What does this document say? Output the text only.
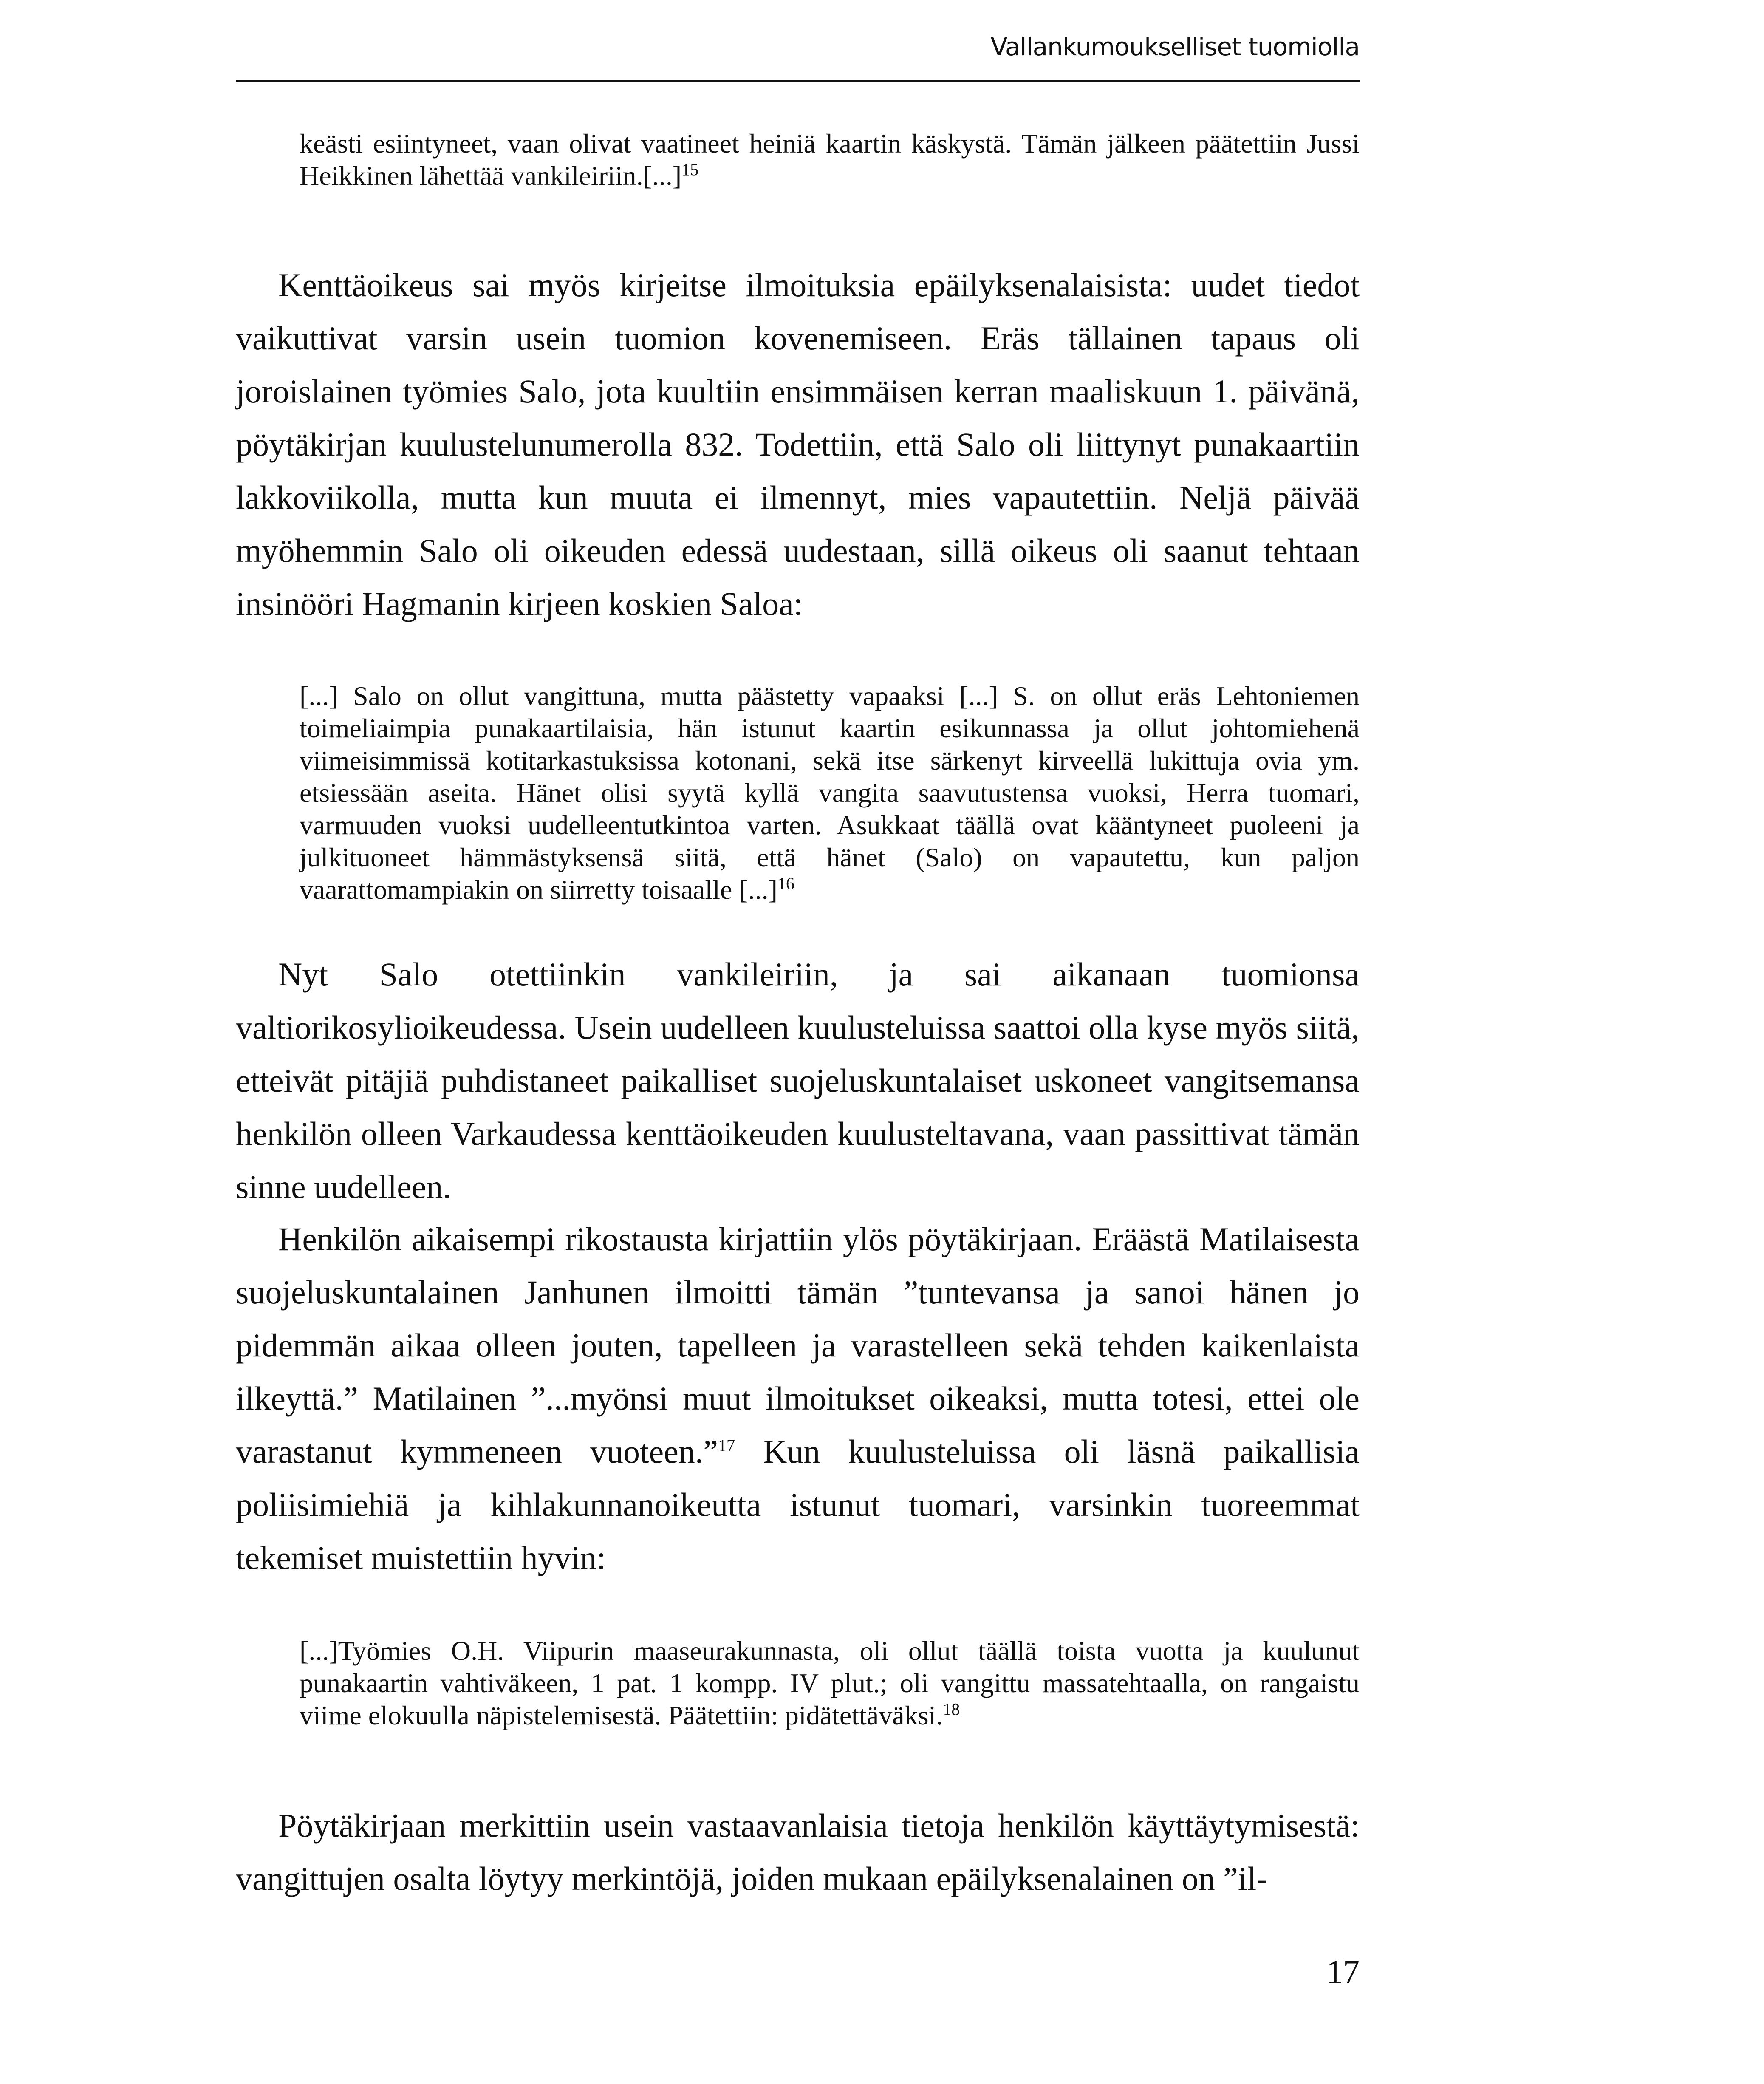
Vallankumoukselliset tuomiolla

keästi esiintyneet, vaan olivat vaatineet heiniä kaartin käskystä. Tämän jälkeen päätettiin Jussi Heikkinen lähettää vankileiriin.[...]$^{15}$

Kenttäoikeus sai myös kirjeitse ilmoituksia epäilyksenalaisista: uudet tiedot vaikuttivat varsin usein tuomion kovenemiseen. Eräs tällainen tapaus oli joroislainen työmies Salo, jota kuultiin ensimmäisen kerran maaliskuun 1. päivänä, pöytäkirjan kuulustelunumerolla 832. Todettiin, että Salo oli liittynyt punakaartiin lakkoviikolla, mutta kun muuta ei ilmennyt, mies vapautettiin. Neljä päivää myöhemmin Salo oli oikeuden edessä uudestaan, sillä oikeus oli saanut tehtaan insinööri Hagmanin kirjeen koskien Saloa:

[...] Salo on ollut vangittuna, mutta päästetty vapaaksi [...] S. on ollut eräs Lehtoniemen toimeliaimpia punakaartilaisia, hän istunut kaartin esikunnassa ja ollut johtomiehenä viimeisimmissä kotitarkastuksissa kotonani, sekä itse särkenyt kirveellä lukittuja ovia ym. etsiessään aseita. Hänet olisi syytä kyllä vangita saavutustensa vuoksi, Herra tuomari, varmuuden vuoksi uudelleentutkintoa varten. Asukkaat täällä ovat kääntyneet puoleeni ja julkituoneet hämmästyksensä siitä, että hänet (Salo) on vapautettu, kun paljon vaarattomampiakin on siirretty toisaalle [...]$^{16}$

Nyt Salo otettiinkin vankileiriin, ja sai aikanaan tuomionsa valtiorikosylioikeudessa. Usein uudelleen kuulusteluissa saattoi olla kyse myös siitä, etteivät pitäjiä puhdistaneet paikalliset suojeluskuntalaiset uskoneet vangitsemansa henkilön olleen Varkaudessa kenttäoikeuden kuulusteltavana, vaan passittivat tämän sinne uudelleen.

Henkilön aikaisempi rikostausta kirjattiin ylös pöytäkirjaan. Eräästä Matilaisesta suojeluskuntalainen Janhunen ilmoitti tämän ”tuntevansa ja sanoi hänen jo pidemmän aikaa olleen jouten, tapelleen ja varastelleen sekä tehden kaikenlaista ilkeyttä.” Matilainen ”...myönsi muut ilmoitukset oikeaksi, mutta totesi, ettei ole varastanut kymmeneen vuoteen.”$^{17}$ Kun kuulusteluissa oli läsnä paikallisia poliisimiehiä ja kihlakunnanoikeutta istunut tuomari, varsinkin tuoreemmat tekemiset muistettiin hyvin:

[...]Työmies O.H. Viipurin maaseurakunnasta, oli ollut täällä toista vuotta ja kuulunut punakaartin vahtiväkeen, 1 pat. 1 kompp. IV plut.; oli vangittu massatehtaalla, on rangaistu viime elokuulla näpistelemisestä. Päätettiin: pidätettäväksi.$^{18}$

Pöytäkirjaan merkittiin usein vastaavanlaisia tietoja henkilön käyttäytymisestä: vangittujen osalta löytyy merkintöjä, joiden mukaan epäilyksenalainen on ”il-

17
